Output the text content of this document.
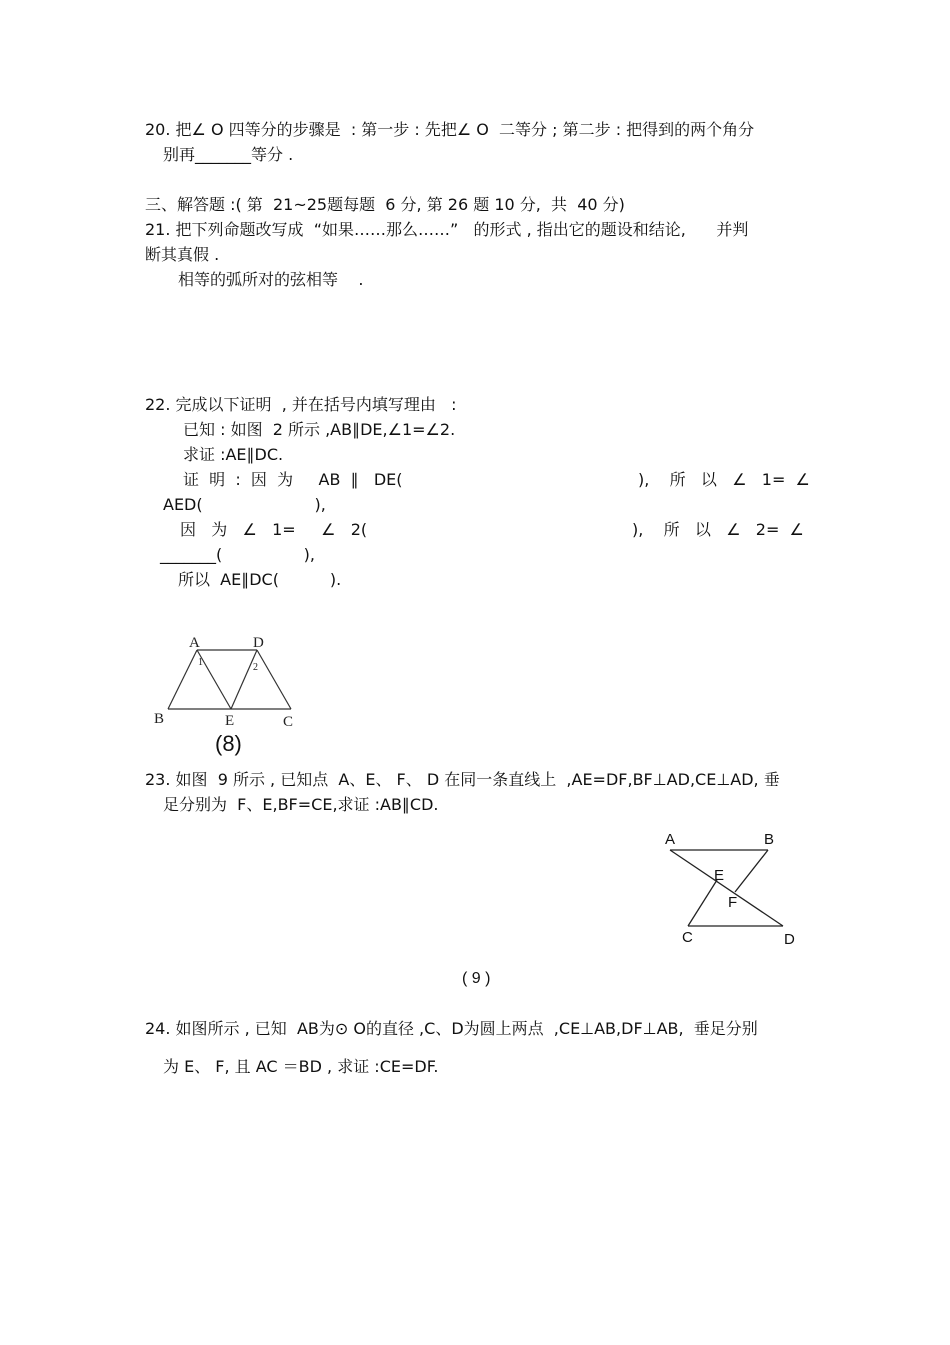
20. 把∠ O 四等分的步骤是  : 第一步 : 先把∠ O  二等分 ; 第二步 : 把得到的两个角分
别再_______等分 .
三、解答题 :( 第  21~25题每题  6 分, 第 26 题 10 分,  共  40 分)
21. 把下列命题改写成  “如果……那么……”   的形式 , 指出它的题设和结论,      并判
断其真假 .
相等的弧所对的弦相等    .
22. 完成以下证明  , 并在括号内填写理由   :
已知 : 如图  2 所示 ,AB∥DE,∠1=∠2.
求证 :AE∥DC.
证  明  :  因  为     AB  ∥   DE(	),    所   以   ∠   1=  ∠
AED(                      ),
因   为   ∠   1=     ∠   2(	),    所   以   ∠   2=  ∠
_______(                ),
所以  AE∥DC(          ).
A	D
B	E	C
1	2
(8)
23. 如图  9 所示 , 已知点  A、E、 F、 D 在同一条直线上  ,AE=DF,BF⊥AD,CE⊥AD, 垂
足分别为  F、E,BF=CE,求证 :AB∥CD.
A	B
E
F
C	D
( 9 )
24. 如图所示 , 已知  AB为⊙ O的直径 ,C、D为圆上两点  ,CE⊥AB,DF⊥AB,  垂足分别
为 E、 F, 且 AC ＝BD , 求证 :CE=DF.
